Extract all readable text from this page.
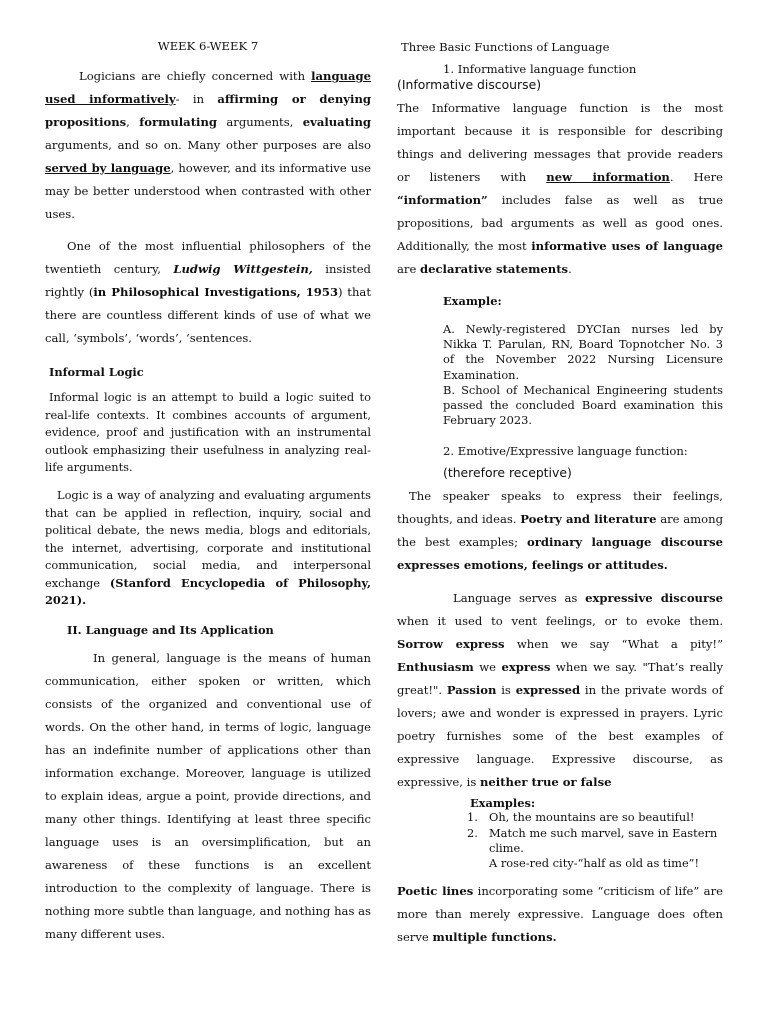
WEEK 6-WEEK 7

Logicians are chiefly concerned with language used informatively- in affirming or denying propositions, formulating arguments, evaluating arguments, and so on. Many other purposes are also served by language, however, and its informative use may be better understood when contrasted with other uses.

One of the most influential philosophers of the twentieth century, Ludwig Wittgestein, insisted rightly (in Philosophical Investigations, 1953) that there are countless different kinds of use of what we call, ‘symbols’, ‘words’, ‘sentences.

Informal Logic

Informal logic is an attempt to build a logic suited to real-life contexts. It combines accounts of argument, evidence, proof and justification with an instrumental outlook emphasizing their usefulness in analyzing real-life arguments.

Logic is a way of analyzing and evaluating arguments that can be applied in reflection, inquiry, social and political debate, the news media, blogs and editorials, the internet, advertising, corporate and institutional communication, social media, and interpersonal exchange (Stanford Encyclopedia of Philosophy, 2021).

II. Language and Its Application

In general, language is the means of human communication, either spoken or written, which consists of the organized and conventional use of words. On the other hand, in terms of logic, language has an indefinite number of applications other than information exchange. Moreover, language is utilized to explain ideas, argue a point, provide directions, and many other things. Identifying at least three specific language uses is an oversimplification, but an awareness of these functions is an excellent introduction to the complexity of language. There is nothing more subtle than language, and nothing has as many different uses.

Three Basic Functions of Language
1. Informative language function
(Informative discourse)

The Informative language function is the most important because it is responsible for describing things and delivering messages that provide readers or listeners with new information. Here “information” includes false as well as true propositions, bad arguments as well as good ones. Additionally, the most informative uses of language are declarative statements.

Example:

A. Newly-registered DYCIan nurses led by Nikka T. Parulan, RN, Board Topnotcher No. 3 of the November 2022 Nursing Licensure Examination.

B. School of Mechanical Engineering students passed the concluded Board examination this February 2023.

2. Emotive/Expressive language function:
(therefore receptive)

The speaker speaks to express their feelings, thoughts, and ideas. Poetry and literature are among the best examples; ordinary language discourse expresses emotions, feelings or attitudes.

Language serves as expressive discourse when it used to vent feelings, or to evoke them. Sorrow express when we say “What a pity!” Enthusiasm we express when we say. "That’s really great!". Passion is expressed in the private words of lovers; awe and wonder is expressed in prayers. Lyric poetry furnishes some of the best examples of expressive language. Expressive discourse, as expressive, is neither true or false

Examples:
1. Oh, the mountains are so beautiful!
2. Match me such marvel, save in Eastern clime.
A rose-red city-“half as old as time”!

Poetic lines incorporating some “criticism of life” are more than merely expressive. Language does often serve multiple functions.
